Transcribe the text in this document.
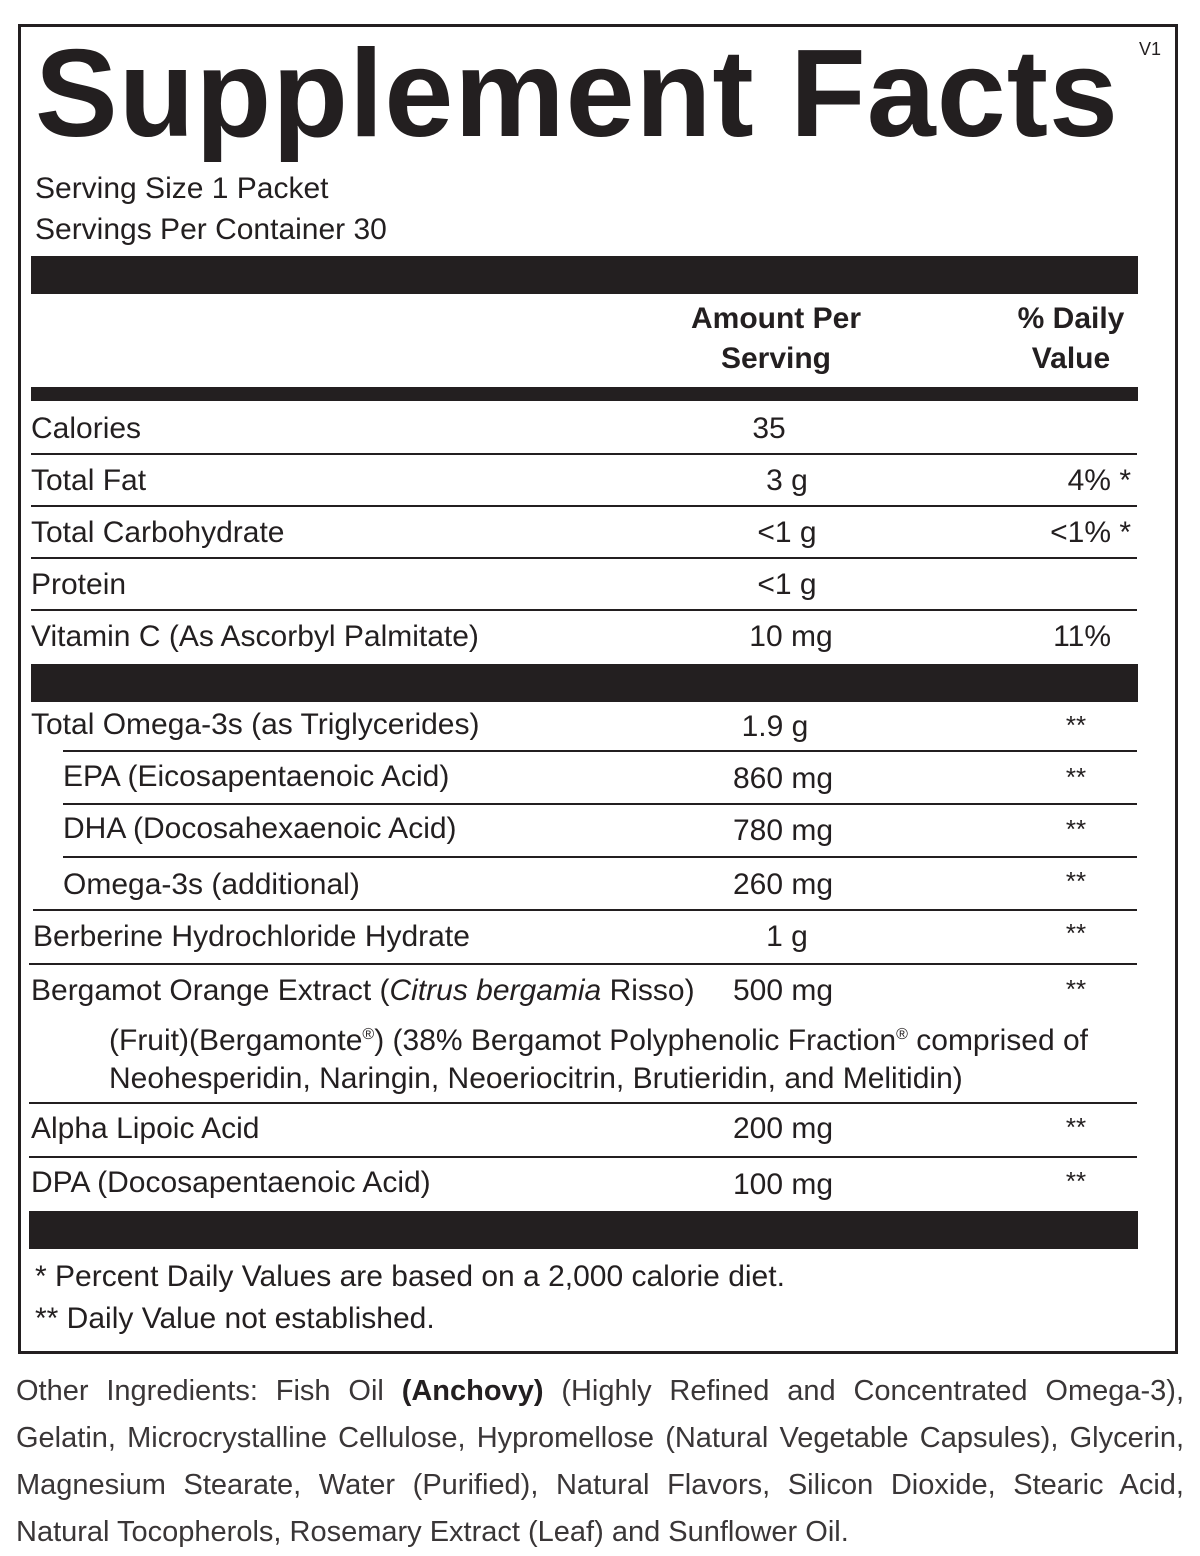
Supplement Facts	V1
Serving Size 1 Packet
Servings Per Container 30
Amount Per
Serving
% Daily
Value
Calories	35
Total Fat	3 g	4% *
Total Carbohydrate	<1 g	<1% *
Protein	<1 g
Vitamin C (As Ascorbyl Palmitate)	10 mg	11%
Total Omega-3s (as Triglycerides)	1.9 g	**
EPA (Eicosapentaenoic Acid)	860 mg	**
DHA (Docosahexaenoic Acid)	780 mg	**
Omega-3s (additional)	260 mg	**
Berberine Hydrochloride Hydrate	1 g	**
Bergamot Orange Extract (Citrus bergamia Risso)	500 mg	**
(Fruit)(Bergamonte®) (38% Bergamot Polyphenolic Fraction® comprised of
Neohesperidin, Naringin, Neoeriocitrin, Brutieridin, and Melitidin)
Alpha Lipoic Acid	200 mg	**
DPA (Docosapentaenoic Acid)	100 mg	**
* Percent Daily Values are based on a 2,000 calorie diet.
** Daily Value not established.

Other Ingredients: Fish Oil (Anchovy) (Highly Refined and Concentrated Omega-3), Gelatin, Microcrystalline Cellulose, Hypromellose (Natural Vegetable Capsules), Glycerin, Magnesium Stearate, Water (Purified), Natural Flavors, Silicon Dioxide, Stearic Acid, Natural Tocopherols, Rosemary Extract (Leaf) and Sunflower Oil.
